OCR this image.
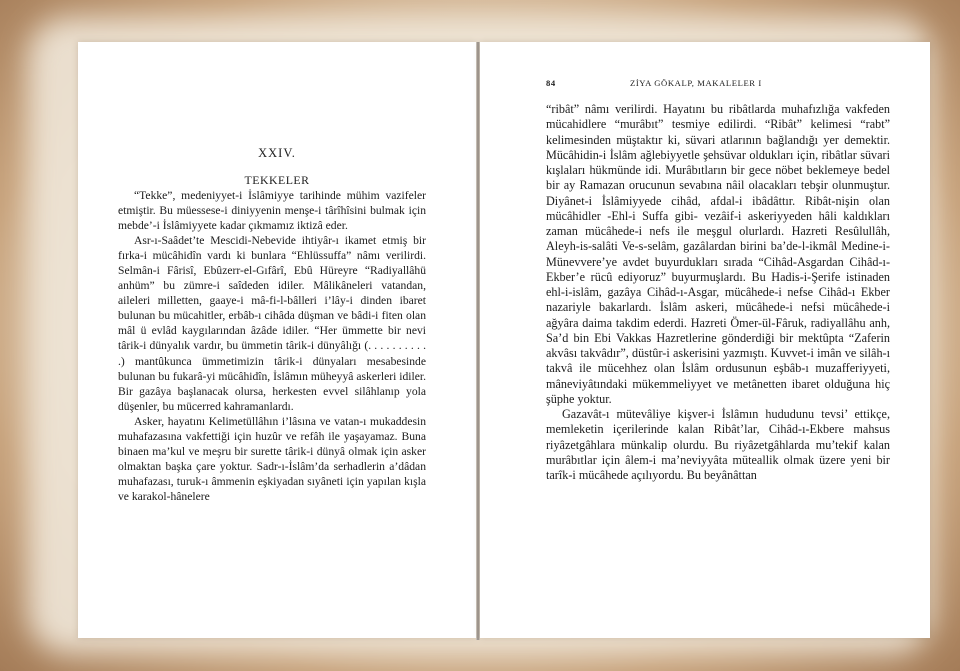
XXIV.
TEKKELER

“Tekke”, medeniyyet-i İslâmiyye tarihinde mühim vazifeler etmiştir. Bu müessese-i diniyyenin menşe-i târîhîsini bulmak için mebde’-i İslâmiyyete kadar çıkmamız iktizâ eder.

Asr-ı-Saâdet’te Mescidi-Nebevide ihtiyâr-ı ikamet etmiş bir fırka-i mücâhidîn vardı ki bunlara “Ehlüssuffa” nâmı verilirdi. Selmân-i Fârisî, Ebûzerr-el-Gıfârî, Ebû Hüreyre “Radiyallâhü anhüm” bu zümre-i saîdeden idiler. Mâlikâneleri vatandan, aileleri milletten, gaaye-i mâ-fi-l-bâlleri i’lây-i dinden ibaret bulunan bu mücahitler, erbâb-ı cihâda düşman ve bâdi-i fiten olan mâl ü evlâd kaygılarından âzâde idiler. “Her ümmette bir nevi târik-i dünyalık vardır, bu ümmetin târik-i dünyâlığı (. . . . . . . . . . .) mantûkunca ümmetimizin târik-i dünyaları mesabesinde bulunan bu fukarâ-yi mücâhidîn, İslâmın müheyyâ askerleri idiler. Bir gazâya başlanacak olursa, herkesten evvel silâhlanıp yola düşenler, bu mücerred kahramanlardı.

Asker, hayatını Kelimetüllâhın i’lâsına ve vatan-ı mukaddesin muhafazasına vakfettiği için huzûr ve refâh ile yaşayamaz. Buna binaen ma’kul ve meşru bir surette târik-i dünyâ olmak için asker olmaktan başka çare yoktur. Sadr-ı-İslâm’da serhadlerin a’dâdan muhafazası, turuk-ı âmmenin eşkiyadan sıyâneti için yapılan kışla ve karakol-hânelere

84	ZİYA GÖKALP, MAKALELER I

“ribât” nâmı verilirdi. Hayatını bu ribâtlarda muhafızlığa vakfeden mücahidlere “murâbıt” tesmiye edilirdi. “Ribât” kelimesi “rabt” kelimesinden müştaktır ki, süvari atlarının bağlandığı yer demektir. Mücâhidin-i İslâm ağlebiyyetle şehsüvar oldukları için, ribâtlar süvari kışlaları hükmünde idi. Murâbıtların bir gece nöbet beklemeye bedel bir ay Ramazan orucunun sevabına nâil olacakları tebşir olunmuştur. Diyânet-i İslâmiyyede cihâd, afdal-i ibâdâttır. Ribât-nişin olan mücâhidler -Ehl-i Suffa gibi- vezâif-i askeriyyeden hâli kaldıkları zaman mücâhede-i nefs ile meşgul olurlardı. Hazreti Resûlullâh, Aleyh-is-salâti Ve-s-selâm, gazâlardan birini ba’de-l-ikmâl Medine-i-Münevvere’ye avdet buyurdukları sırada “Cihâd-Asgardan Cihâd-ı-Ekber’e rücû ediyoruz” buyurmuşlardı. Bu Hadis-i-Şerife istinaden ehl-i-islâm, gazâya Cihâd-ı-Asgar, mücâhede-i nefse Cihâd-ı Ekber nazariyle bakarlardı. İslâm askeri, mücâhede-i nefsi mücâhede-i ağyâra daima takdim ederdi. Hazreti Ömer-ül-Fâruk, radiyallâhu anh, Sa’d bin Ebi Vakkas Hazretlerine gönderdiği bir mektûpta “Zaferin akvâsı takvâdır”, düstûr-i askerisini yazmıştı. Kuvvet-i imân ve silâh-ı takvâ ile mücehhez olan İslâm ordusunun eşbâb-ı muzafferiyyeti, mâneviyâtındaki mükemmeliyyet ve metânetten ibaret olduğuna hiç şüphe yoktur.

Gazavât-ı mütevâliye kişver-i İslâmın hududunu tevsi’ ettikçe, memleketin içerilerinde kalan Ribât’lar, Cihâd-ı-Ekbere mahsus riyâzetgâhlara münkalip olurdu. Bu riyâzetgâhlarda mu’tekif kalan murâbıtlar için âlem-i ma’neviyyâta müteallik olmak üzere yeni bir tarîk-i mücâhede açılıyordu. Bu beyânâttan
